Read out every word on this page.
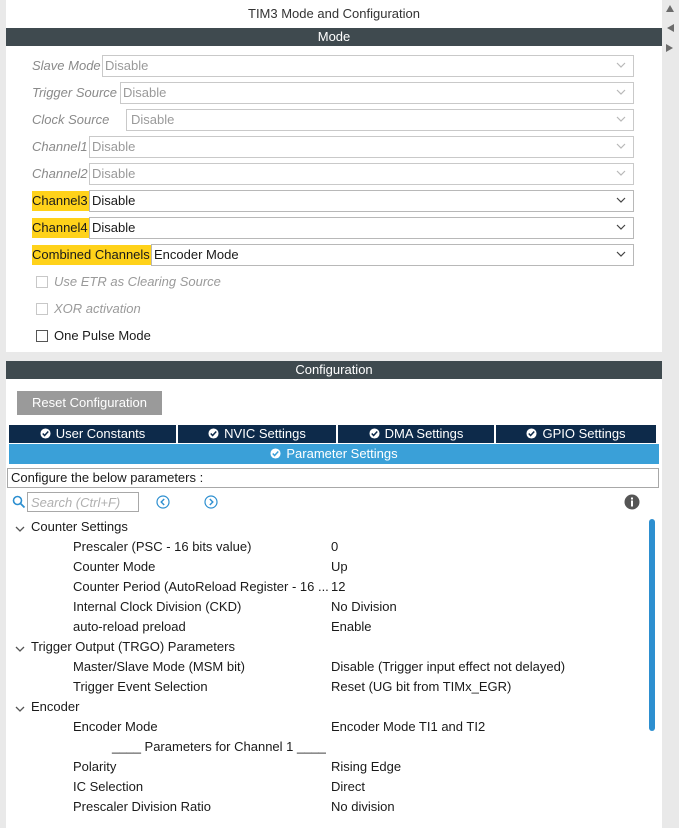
TIM3 Mode and Configuration
Mode
Slave Mode Disable
Trigger Source Disable
Clock Source	Disable
Channel1 Disable
Channel2 Disable
Channel3 Disable
Channel4 Disable
Combined Channels Encoder Mode
Use ETR as Clearing Source
XOR activation
One Pulse Mode
Configuration
Reset Configuration
User Constants	NVIC Settings	DMA Settings	GPIO Settings
Parameter Settings
Configure the below parameters :
Search (Ctrl+F)
Counter Settings
Prescaler (PSC - 16 bits value)	0
Counter Mode	Up
Counter Period (AutoReload Register - 16 ... 12
Internal Clock Division (CKD)	No Division
auto-reload preload	Enable
Trigger Output (TRGO) Parameters
Master/Slave Mode (MSM bit)	Disable (Trigger input effect not delayed)
Trigger Event Selection	Reset (UG bit from TIMx_EGR)
Encoder
Encoder Mode	Encoder Mode TI1 and TI2
____ Parameters for Channel 1 ____
Polarity	Rising Edge
IC Selection	Direct
Prescaler Division Ratio	No division
